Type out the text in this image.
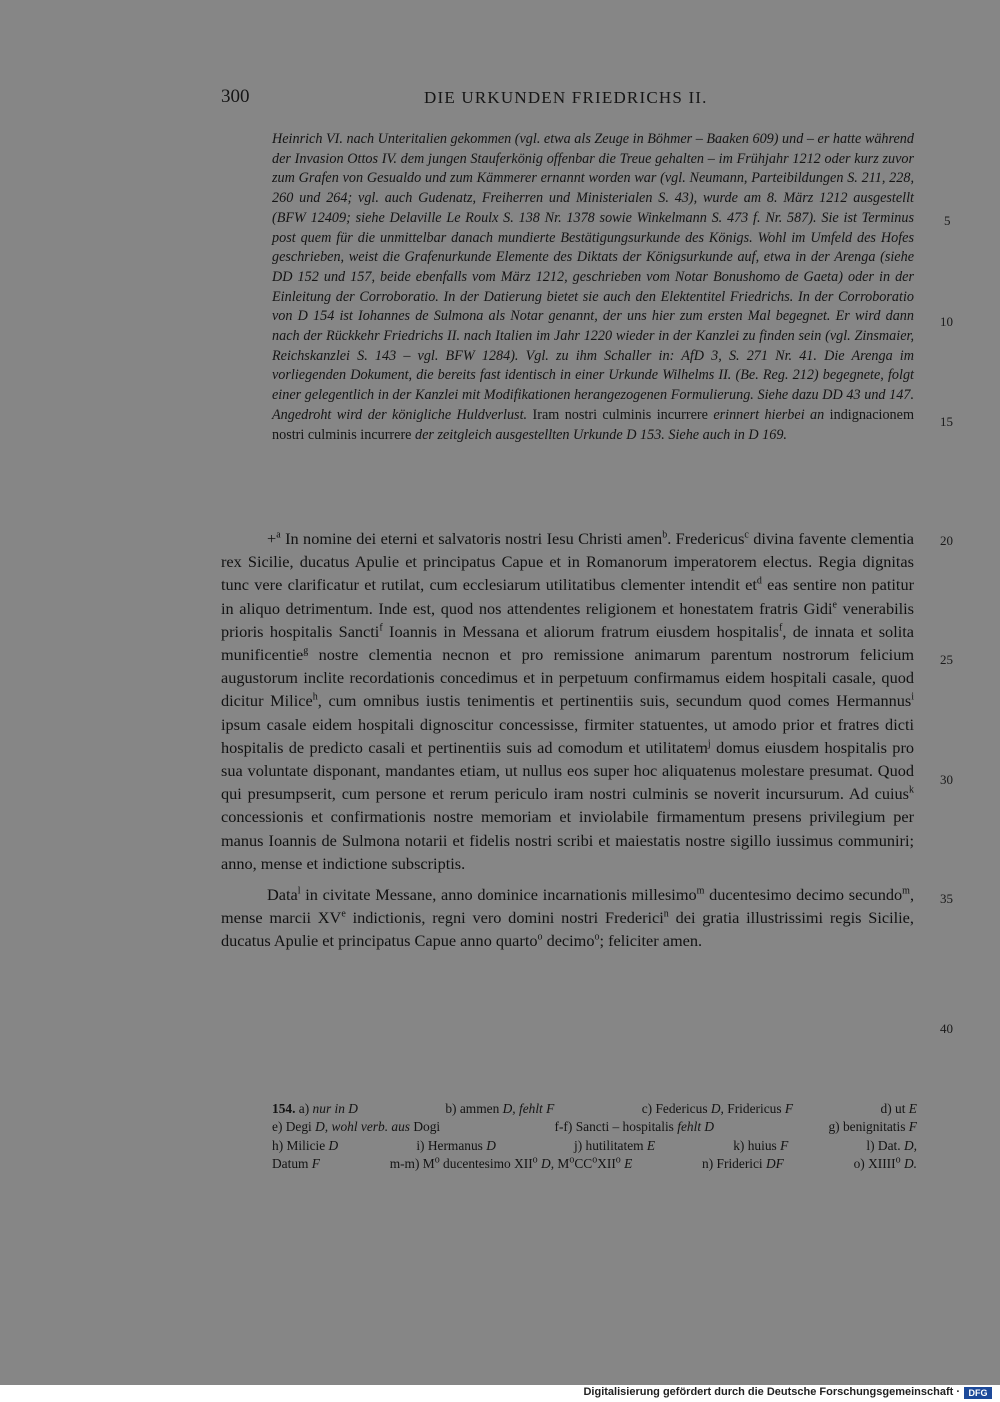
300	DIE URKUNDEN FRIEDRICHS II.
Heinrich VI. nach Unteritalien gekommen (vgl. etwa als Zeuge in Böhmer – Baaken 609) und – er hatte während der Invasion Ottos IV. dem jungen Stauferkönig offenbar die Treue gehalten – im Frühjahr 1212 oder kurz zuvor zum Grafen von Gesualdo und zum Kämmerer ernannt worden war (vgl. Neumann, Parteibildungen S. 211, 228, 260 und 264; vgl. auch Gudenatz, Freiherren und Ministerialen S. 43), wurde am 8. März 1212 ausgestellt (BFW 12409; siehe Delaville Le Roulx S. 138 Nr. 1378 sowie Winkelmann S. 473 f. Nr. 587). Sie ist Terminus post quem für die unmittelbar danach mundierte Bestätigungsurkunde des Königs. Wohl im Umfeld des Hofes geschrieben, weist die Grafenurkunde Elemente des Diktats der Königsurkunde auf, etwa in der Arenga (siehe DD 152 und 157, beide ebenfalls vom März 1212, geschrieben vom Notar Bonushomo de Gaeta) oder in der Einleitung der Corroboratio. In der Datierung bietet sie auch den Elektentitel Friedrichs. In der Corroboratio von D 154 ist Iohannes de Sulmona als Notar genannt, der uns hier zum ersten Mal begegnet. Er wird dann nach der Rückkehr Friedrichs II. nach Italien im Jahr 1220 wieder in der Kanzlei zu finden sein (vgl. Zinsmaier, Reichskanzlei S. 143 – vgl. BFW 1284). Vgl. zu ihm Schaller in: AfD 3, S. 271 Nr. 41. Die Arenga im vorliegenden Dokument, die bereits fast identisch in einer Urkunde Wilhelms II. (Be. Reg. 212) begegnete, folgt einer gelegentlich in der Kanzlei mit Modifikationen herangezogenen Formulierung. Siehe dazu DD 43 und 147. Angedroht wird der königliche Huldverlust. Iram nostri culminis incurrere erinnert hierbei an indignacionem nostri culminis incurrere der zeitgleich ausgestellten Urkunde D 153. Siehe auch in D 169.

+$^a$ In nomine dei eterni et salvatoris nostri Iesu Christi amen$^b$. Fredericus$^c$ divina favente clementia rex Sicilie, ducatus Apulie et principatus Capue et in Romanorum imperatorem electus. Regia dignitas tunc vere clarificatur et rutilat, cum ecclesiarum utilitatibus clementer intendit $et^d$ eas sentire non patitur in aliquo detrimentum. Inde est, quod nos attendentes religionem et honestatem fratris Gidi$^e$ venerabilis prioris hospitalis Sancti$^f$ Ioannis in Messana et aliorum fratrum eiusdem hospitalis$^f$, de innata et solita munificentie$^g$ nostre clementia necnon et pro remissione animarum parentum nostrorum felicium augustorum inclite recordationis concedimus et in perpetuum confirmamus eidem hospitali casale, quod dicitur Milice$^h$, cum omnibus iustis tenimentis et pertinentiis suis, secundum quod comes Hermannus$^i$ ipsum casale eidem hospitali dignoscitur concessisse, firmiter statuentes, ut amodo prior et fratres dicti hospitalis de predicto casali et pertinentiis suis ad comodum et utilitatem$^j$ domus eiusdem hospitalis pro sua voluntate disponant, mandantes etiam, ut nullus eos super hoc aliquatenus molestare presumat. Quod qui presumpserit, cum persone et rerum periculo iram nostri culminis se noverit incursurum. Ad cuius$^k$ concessionis et confirmationis nostre memoriam et inviolabile firmamentum presens privilegium per manus Ioannis de Sulmona notarii et fidelis nostri scribi et maiestatis nostre sigillo iussimus communiri; anno, mense et indictione subscriptis.

Data$^l$ in civitate Messane, anno dominice incarnationis millesimo$^m$ ducentesimo decimo secundo$^m$, mense marcii XVe indictionis, regni vero domini nostri Frederici$^n$ dei gratia illustrissimi regis Sicilie, ducatus Apulie et principatus Capue anno quarto$^o$ decimo$^o$; feliciter amen.

5
10
15
20
25
30
35
40
154. a) nur in D	b) ammen D, fehlt F	c) Federicus D, Fridericus F	d) ut E
e) Degi D, wohl verb. aus Dogi	f-f) Sancti – hospitalis fehlt D	g) benignitatis F
h) Milicie D	i) Hermanus D	j) hutilitatem E	k) huius F	l) Dat. D,
Datum F	m-m) $M^o$ ducentesimo XII$^o$ D, $M^oCC^oXII^o$ E	n) Friderici DF	o) XIIII$^o$ D.
Digitalisierung gefördert durch die Deutsche Forschungsgemeinschaft · DFG
